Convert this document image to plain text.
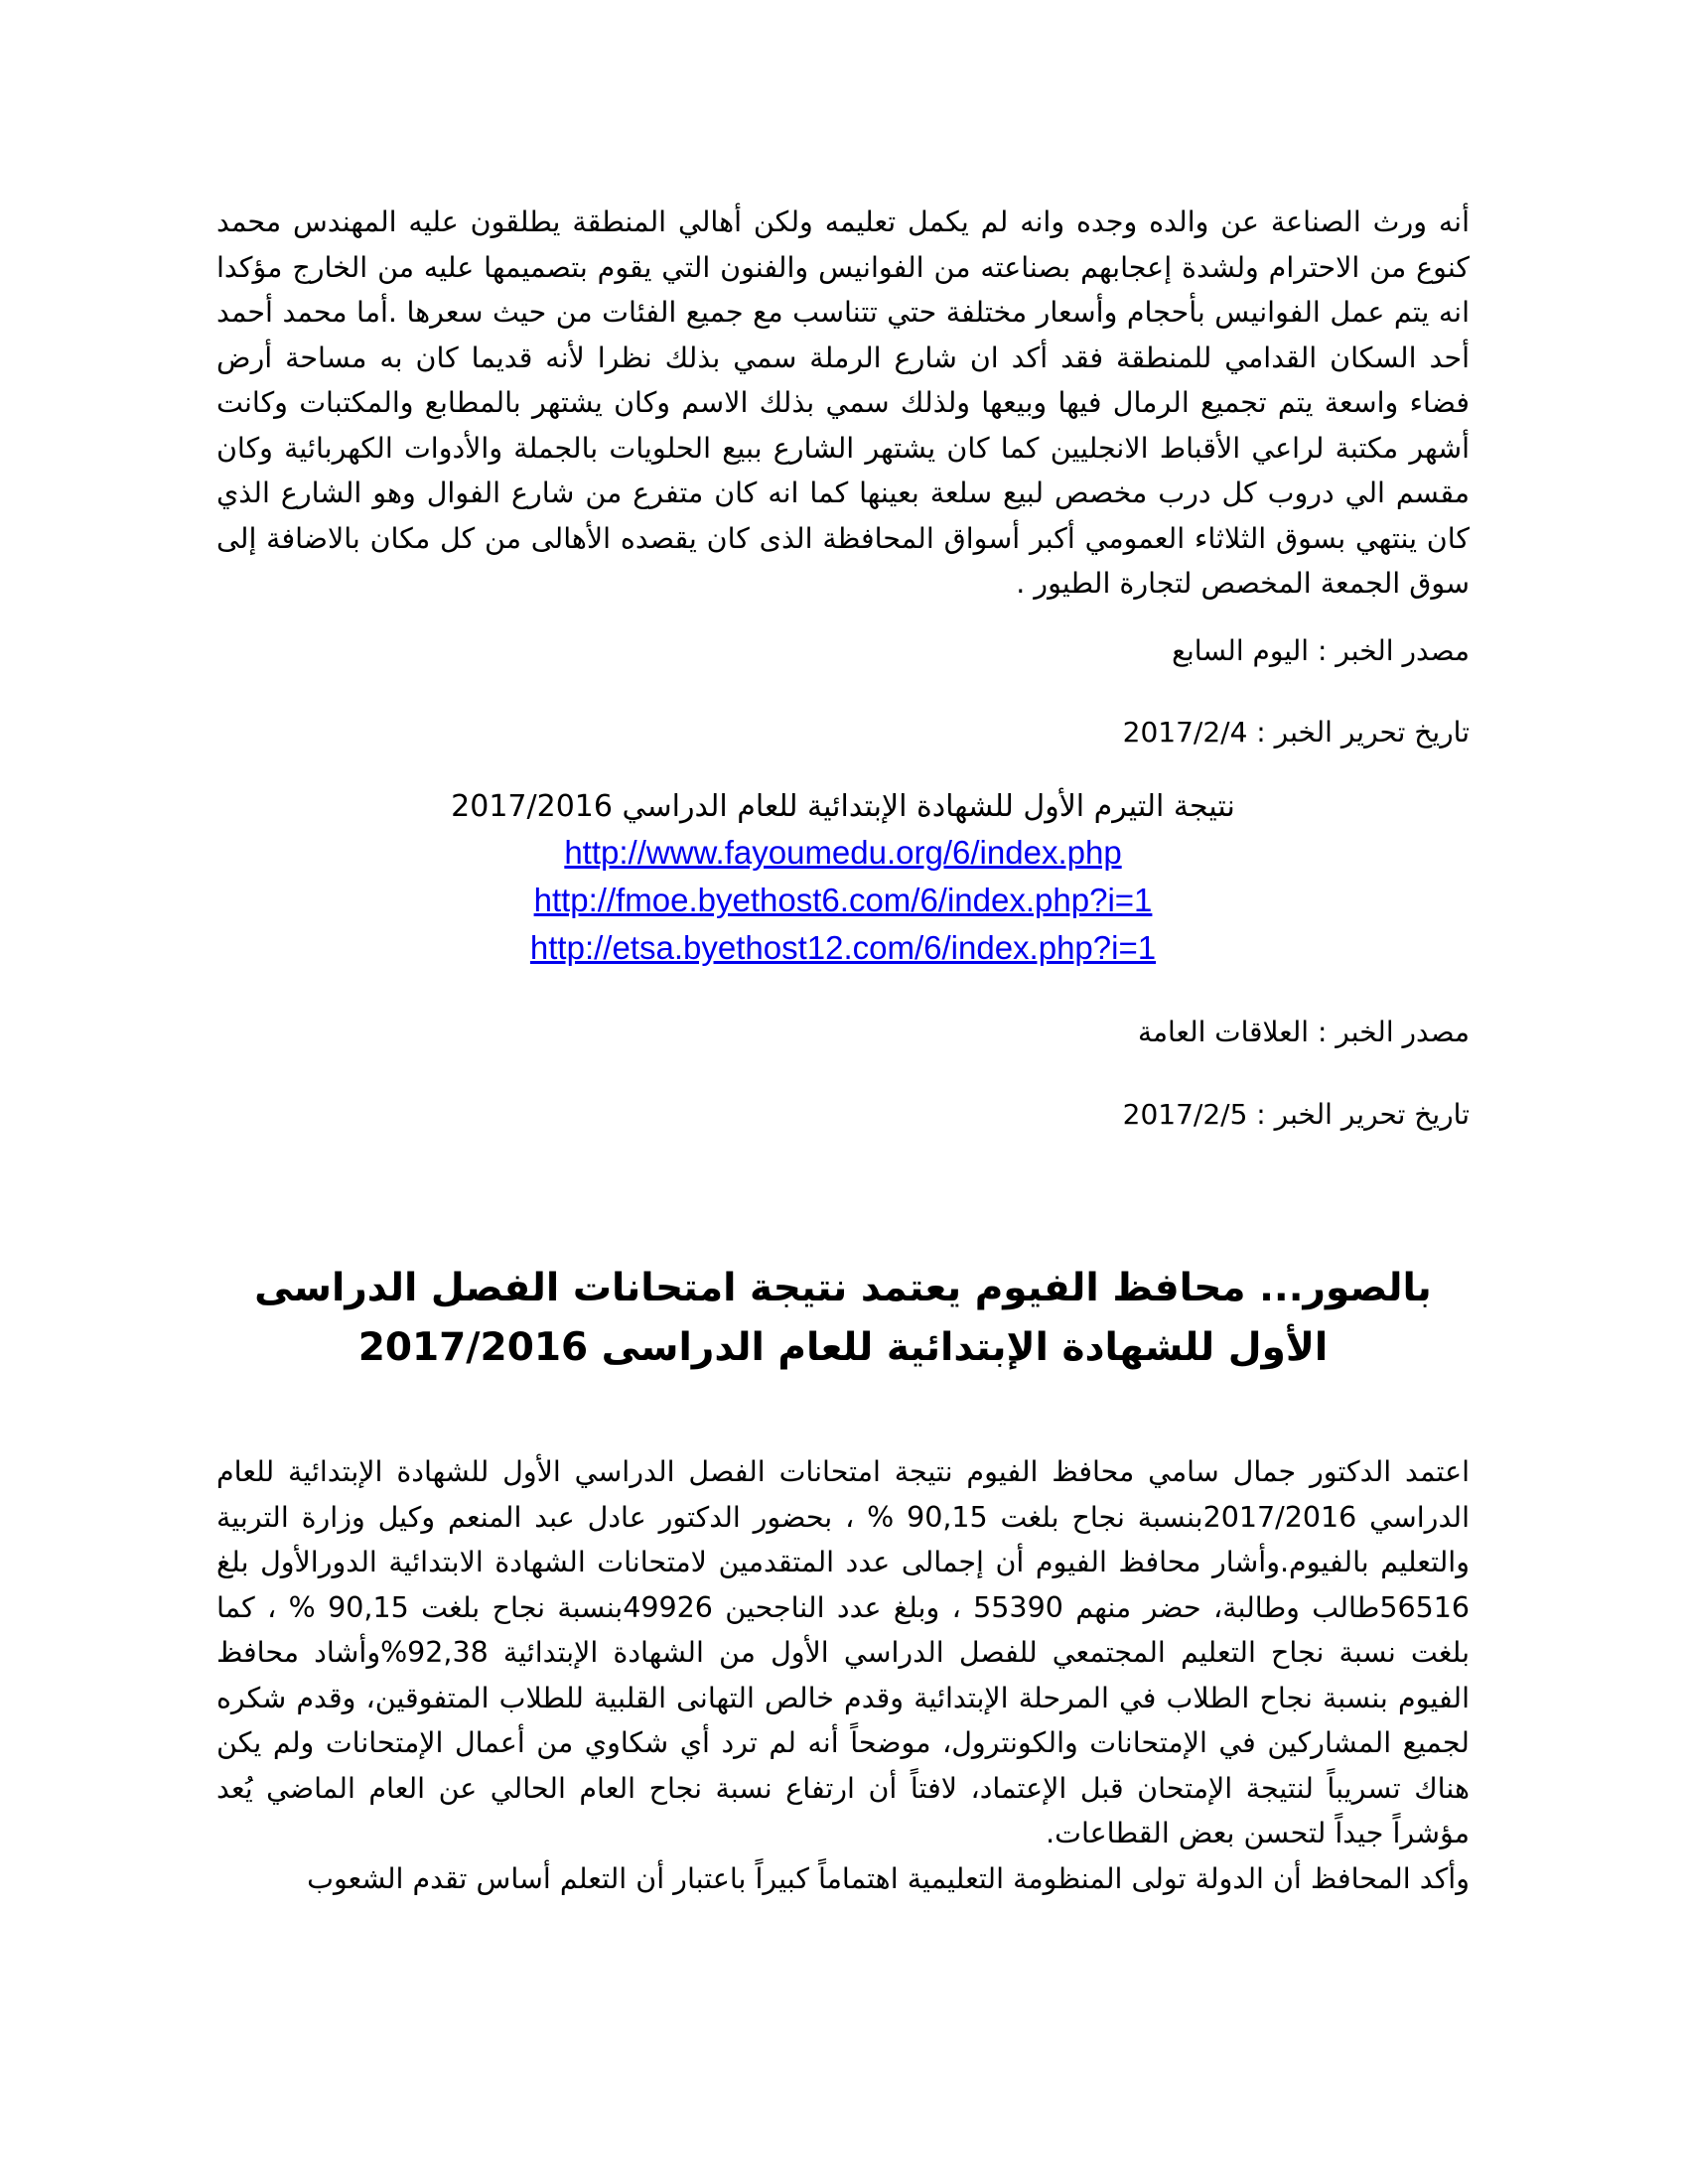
أنه ورث الصناعة عن والده وجده وانه لم يكمل تعليمه ولكن أهالي المنطقة يطلقون عليه المهندس محمد كنوع من الاحترام ولشدة إعجابهم بصناعته من الفوانيس والفنون التي يقوم بتصميمها عليه من الخارج مؤكدا انه يتم عمل الفوانيس بأحجام وأسعار مختلفة حتي تتناسب مع جميع الفئات من حيث سعرها .أما محمد أحمد أحد السكان القدامي للمنطقة فقد أكد ان شارع الرملة سمي بذلك نظرا لأنه قديما كان به مساحة أرض فضاء واسعة يتم تجميع الرمال فيها وبيعها ولذلك سمي بذلك الاسم وكان يشتهر بالمطابع والمكتبات وكانت أشهر مكتبة لراعي الأقباط الانجليين كما كان يشتهر الشارع ببيع الحلويات بالجملة والأدوات الكهربائية وكان مقسم الي دروب كل درب مخصص لبيع سلعة بعينها كما انه كان متفرع من شارع الفوال وهو الشارع الذي كان ينتهي بسوق الثلاثاء العمومي أكبر أسواق المحافظة الذى كان يقصده الأهالى من كل مكان بالاضافة إلى سوق الجمعة المخصص لتجارة الطيور .

مصدر الخبر : اليوم السابع

تاريخ تحرير الخبر : 2017/2/4

نتيجة التيرم الأول للشهادة الإبتدائية للعام الدراسي 2017/2016

http://www.fayoumedu.org/6/index.php
http://fmoe.byethost6.com/6/index.php?i=1
http://etsa.byethost12.com/6/index.php?i=1

مصدر الخبر : العلاقات العامة

تاريخ تحرير الخبر : 2017/2/5

بالصور... محافظ الفيوم يعتمد نتيجة امتحانات الفصل الدراسى الأول للشهادة الإبتدائية للعام الدراسى 2017/2016

اعتمد الدكتور جمال سامي محافظ الفيوم نتيجة امتحانات الفصل الدراسي الأول للشهادة الإبتدائية للعام الدراسي 2017/2016بنسبة نجاح بلغت 90,15 % ، بحضور الدكتور عادل عبد المنعم وكيل وزارة التربية والتعليم بالفيوم.وأشار محافظ الفيوم أن إجمالى عدد المتقدمين لامتحانات الشهادة الابتدائية الدورالأول بلغ 56516طالب وطالبة، حضر منهم 55390 ، وبلغ عدد الناجحين 49926بنسبة نجاح بلغت 90,15 % ، كما بلغت نسبة نجاح التعليم المجتمعي للفصل الدراسي الأول من الشهادة الإبتدائية 92,38%وأشاد محافظ الفيوم بنسبة نجاح الطلاب في المرحلة الإبتدائية وقدم خالص التهانى القلبية للطلاب المتفوقين، وقدم شكره لجميع المشاركين في الإمتحانات والكونترول، موضحاً أنه لم ترد أي شكاوي من أعمال الإمتحانات ولم يكن هناك تسريباً لنتيجة الإمتحان قبل الإعتماد، لافتاً أن ارتفاع نسبة نجاح العام الحالي عن العام الماضي يُعد مؤشراً جيداً لتحسن بعض القطاعات.

وأكد المحافظ أن الدولة تولى المنظومة التعليمية اهتماماً كبيراً باعتبار أن التعلم أساس تقدم الشعوب
